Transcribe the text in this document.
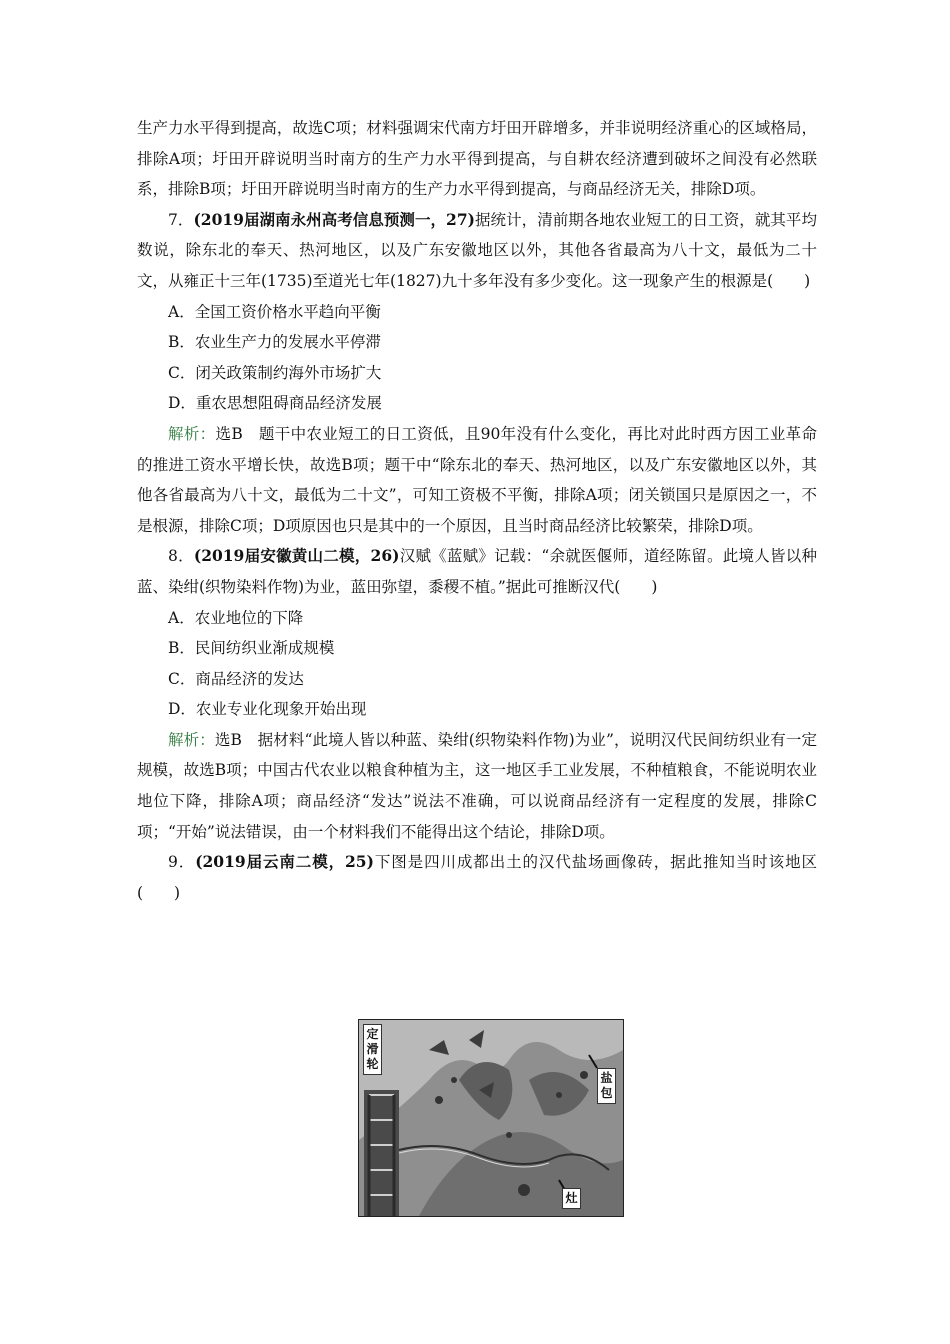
生产力水平得到提高，故选C项；材料强调宋代南方圩田开辟增多，并非说明经济重心的区域格局，排除A项；圩田开辟说明当时南方的生产力水平得到提高，与自耕农经济遭到破坏之间没有必然联系，排除B项；圩田开辟说明当时南方的生产力水平得到提高，与商品经济无关，排除D项。

7．(2019届湖南永州高考信息预测一，27)据统计，清前期各地农业短工的日工资，就其平均数说，除东北的奉天、热河地区，以及广东安徽地区以外，其他各省最高为八十文，最低为二十文，从雍正十三年(1735)至道光七年(1827)九十多年没有多少变化。这一现象产生的根源是(　　)

A．全国工资价格水平趋向平衡

B．农业生产力的发展水平停滞

C．闭关政策制约海外市场扩大

D．重农思想阻碍商品经济发展

解析：选B　题干中农业短工的日工资低，且90年没有什么变化，再比对此时西方因工业革命的推进工资水平增长快，故选B项；题干中“除东北的奉天、热河地区，以及广东安徽地区以外，其他各省最高为八十文，最低为二十文”，可知工资极不平衡，排除A项；闭关锁国只是原因之一，不是根源，排除C项；D项原因也只是其中的一个原因，且当时商品经济比较繁荣，排除D项。

8．(2019届安徽黄山二模，26)汉赋《蓝赋》记载：“余就医偃师，道经陈留。此境人皆以种蓝、染绀(织物染料作物)为业，蓝田弥望，黍稷不植。”据此可推断汉代(　　)

A．农业地位的下降

B．民间纺织业渐成规模

C．商品经济的发达

D．农业专业化现象开始出现

解析：选B　据材料“此境人皆以种蓝、染绀(织物染料作物)为业”，说明汉代民间纺织业有一定规模，故选B项；中国古代农业以粮食种植为主，这一地区手工业发展，不种植粮食，不能说明农业地位下降，排除A项；商品经济“发达”说法不准确，可以说商品经济有一定程度的发展，排除C项；“开始”说法错误，由一个材料我们不能得出这个结论，排除D项。

9．(2019届云南二模，25)下图是四川成都出土的汉代盐场画像砖，据此推知当时该地区(　　)

定滑轮
盐包
灶
